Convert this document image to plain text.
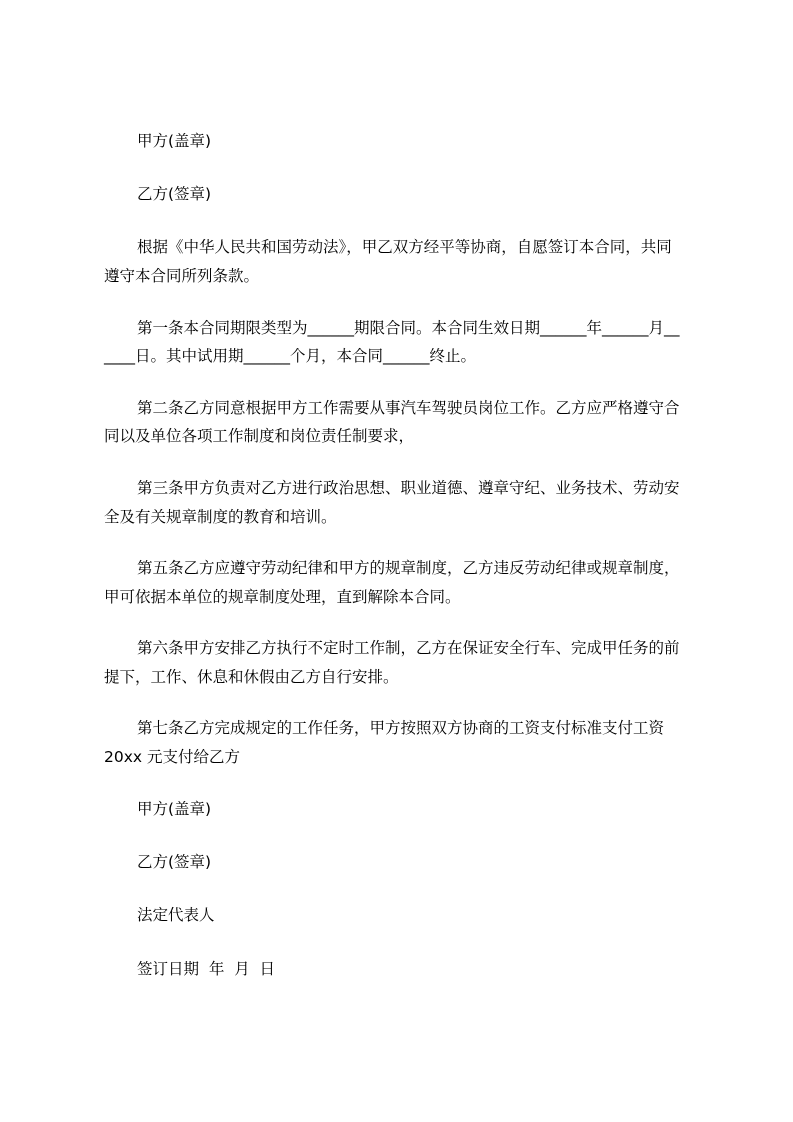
甲方(盖章)
乙方(签章)
根据《中华人民共和国劳动法》，甲乙双方经平等协商，自愿签订本合同，共同
遵守本合同所列条款。
第一条本合同期限类型为______期限合同。本合同生效日期______年______月__
____日。其中试用期______个月，本合同______终止。
第二条乙方同意根据甲方工作需要从事汽车驾驶员岗位工作。乙方应严格遵守合
同以及单位各项工作制度和岗位责任制要求，
第三条甲方负责对乙方进行政治思想、职业道德、遵章守纪、业务技术、劳动安
全及有关规章制度的教育和培训。
第五条乙方应遵守劳动纪律和甲方的规章制度，乙方违反劳动纪律或规章制度，
甲可依据本单位的规章制度处理，直到解除本合同。
第六条甲方安排乙方执行不定时工作制，乙方在保证安全行车、完成甲任务的前
提下，工作、休息和休假由乙方自行安排。
第七条乙方完成规定的工作任务，甲方按照双方协商的工资支付标准支付工资
20xx 元支付给乙方
甲方(盖章)
乙方(签章)
法定代表人
签订日期  年  月  日
